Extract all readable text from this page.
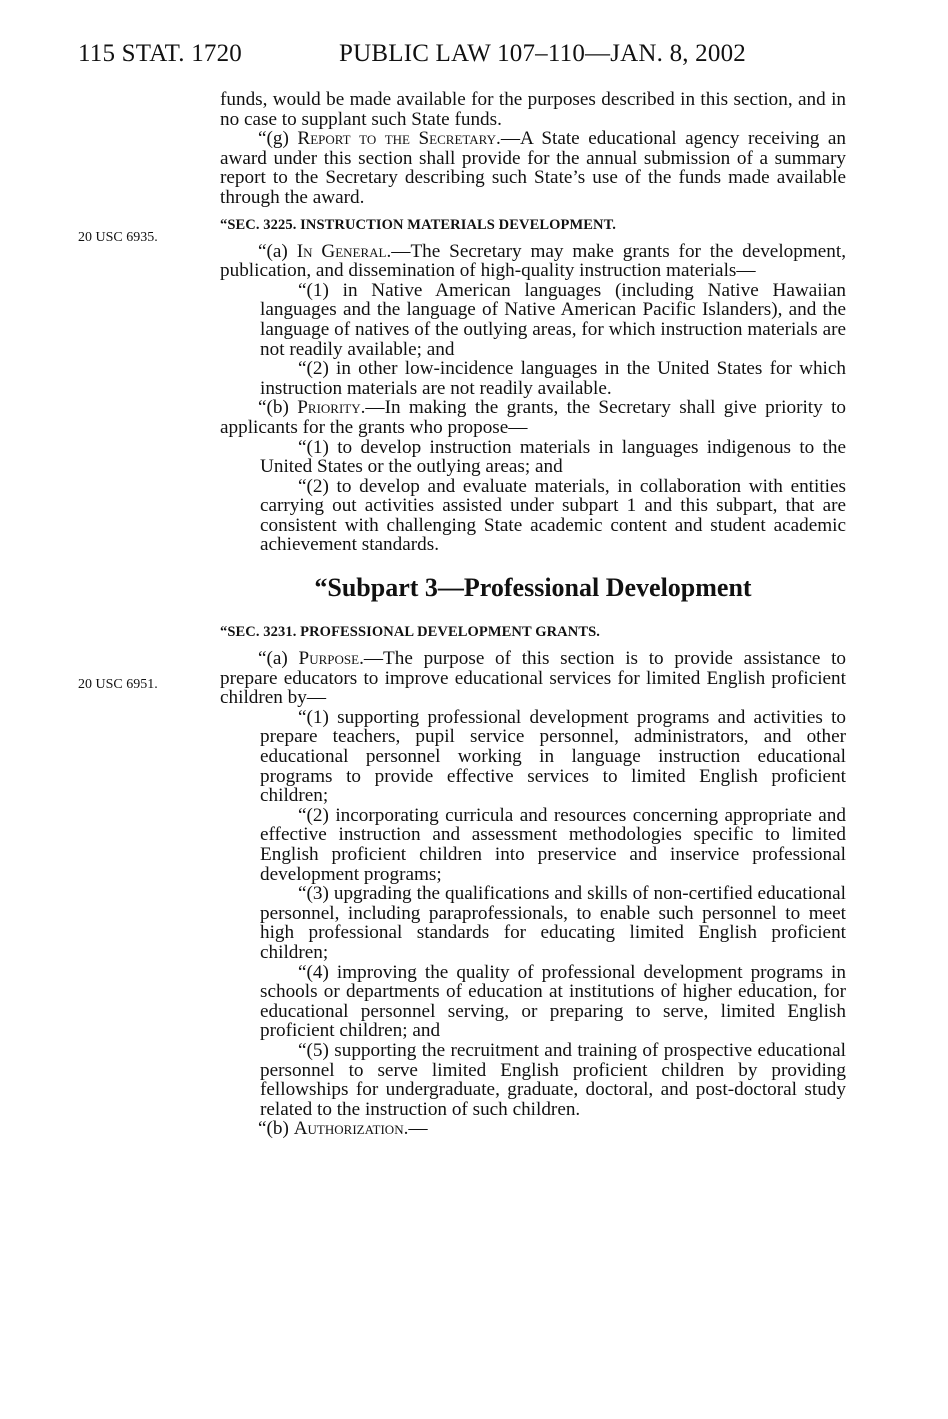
115 STAT. 1720	PUBLIC LAW 107–110—JAN. 8, 2002
20 USC 6935.
20 USC 6951.

funds, would be made available for the purposes described in this section, and in no case to supplant such State funds.

“(g) Report to the Secretary.—A State educational agency receiving an award under this section shall provide for the annual submission of a summary report to the Secretary describing such State’s use of the funds made available through the award.

“SEC. 3225. INSTRUCTION MATERIALS DEVELOPMENT.

“(a) In General.—The Secretary may make grants for the development, publication, and dissemination of high-quality instruction materials—

“(1) in Native American languages (including Native Hawaiian languages and the language of Native American Pacific Islanders), and the language of natives of the outlying areas, for which instruction materials are not readily available; and

“(2) in other low-incidence languages in the United States for which instruction materials are not readily available.

“(b) Priority.—In making the grants, the Secretary shall give priority to applicants for the grants who propose—

“(1) to develop instruction materials in languages indigenous to the United States or the outlying areas; and

“(2) to develop and evaluate materials, in collaboration with entities carrying out activities assisted under subpart 1 and this subpart, that are consistent with challenging State academic content and student academic achievement standards.

“Subpart 3—Professional Development
“SEC. 3231. PROFESSIONAL DEVELOPMENT GRANTS.

“(a) Purpose.—The purpose of this section is to provide assistance to prepare educators to improve educational services for limited English proficient children by—

“(1) supporting professional development programs and activities to prepare teachers, pupil service personnel, administrators, and other educational personnel working in language instruction educational programs to provide effective services to limited English proficient children;

“(2) incorporating curricula and resources concerning appropriate and effective instruction and assessment methodologies specific to limited English proficient children into preservice and inservice professional development programs;

“(3) upgrading the qualifications and skills of non-certified educational personnel, including paraprofessionals, to enable such personnel to meet high professional standards for educating limited English proficient children;

“(4) improving the quality of professional development programs in schools or departments of education at institutions of higher education, for educational personnel serving, or preparing to serve, limited English proficient children; and

“(5) supporting the recruitment and training of prospective educational personnel to serve limited English proficient children by providing fellowships for undergraduate, graduate, doctoral, and post-doctoral study related to the instruction of such children.

“(b) Authorization.—
